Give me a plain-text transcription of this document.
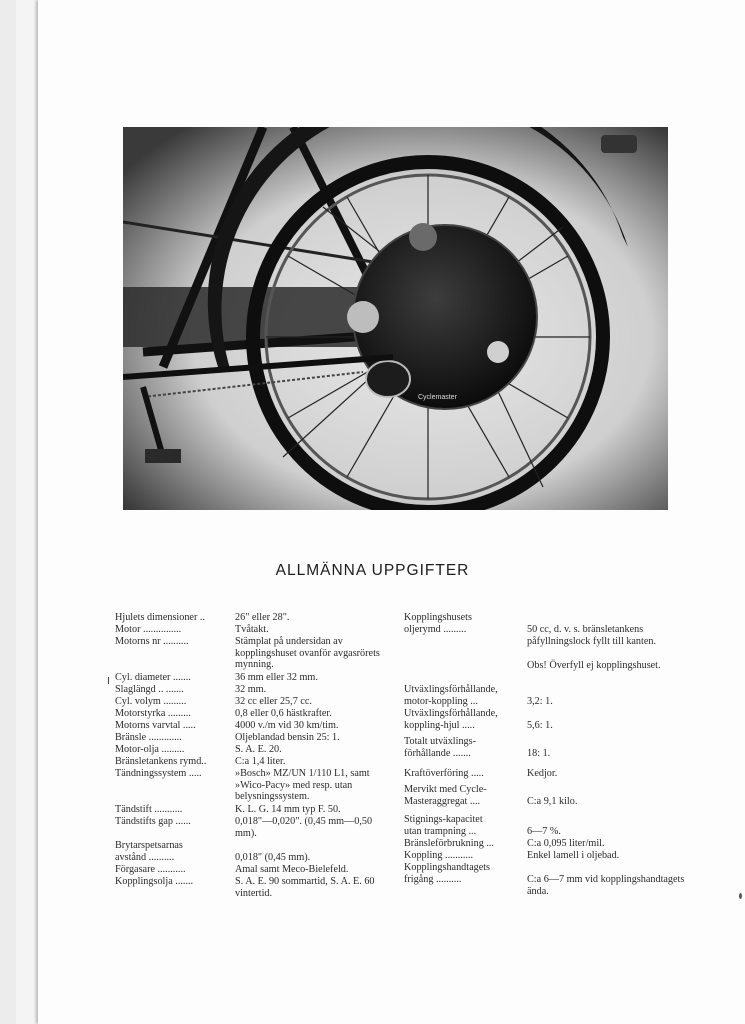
Cyclemaster
ALLMÄNNA UPPGIFTER
Hjulets dimensioner ..	26" eller 28".
Motor ...............	Tvåtakt.
Motorns nr ..........	Stämplat på undersidan av kopplingshuset ovanför avgasrörets mynning.
Cyl. diameter .......	36 mm eller 32 mm.
Slaglängd .. .......	32 mm.
Cyl. volym .........	32 cc eller 25,7 cc.
Motorstyrka .........	0,8 eller 0,6 hästkrafter.
Motorns varvtal .....	4000 v./m vid 30 km/tim.
Bränsle .............	Oljeblandad bensin 25: 1.
Motor-olja .........	S. A. E. 20.
Bränsletankens rymd..	C:a 1,4 liter.
Tändningssystem .....	»Bosch» MZ/UN 1/110 L1, samt »Wico-Pacy» med resp. utan belysningssystem.
Tändstift ...........	K. L. G. 14 mm typ F. 50.
Tändstifts gap ......	0,018"—0,020". (0,45 mm—0,50 mm).
Brytarspetsarnas
avstånd ..........	0,018" (0,45 mm).
Förgasare ...........	Amal samt Meco-Bielefeld.
Kopplingsolja .......	S. A. E. 90 sommartid, S. A. E. 60 vintertid.
Kopplingshusets
oljerymd .........	50 cc, d. v. s. bränsletankens påfyllningslock fyllt till kanten.
Obs! Överfyll ej kopplingshuset.
Utväxlingsförhållande,
motor-koppling ...	3,2: 1.
Utväxlingsförhållande,
koppling-hjul .....	5,6: 1.
Totalt utväxlings-
förhållande .......	18: 1.
Kraftöverföring .....	Kedjor.
Mervikt med Cycle-
Masteraggregat ....	C:a 9,1 kilo.
Stignings-kapacitet
utan trampning ...	6—7 %.
Bränsleförbrukning ...	C:a 0,095 liter/mil.
Koppling ...........	Enkel lamell i oljebad.
Kopplingshandtagets
frigång ..........	C:a 6—7 mm vid kopplingshandtagets ända.
